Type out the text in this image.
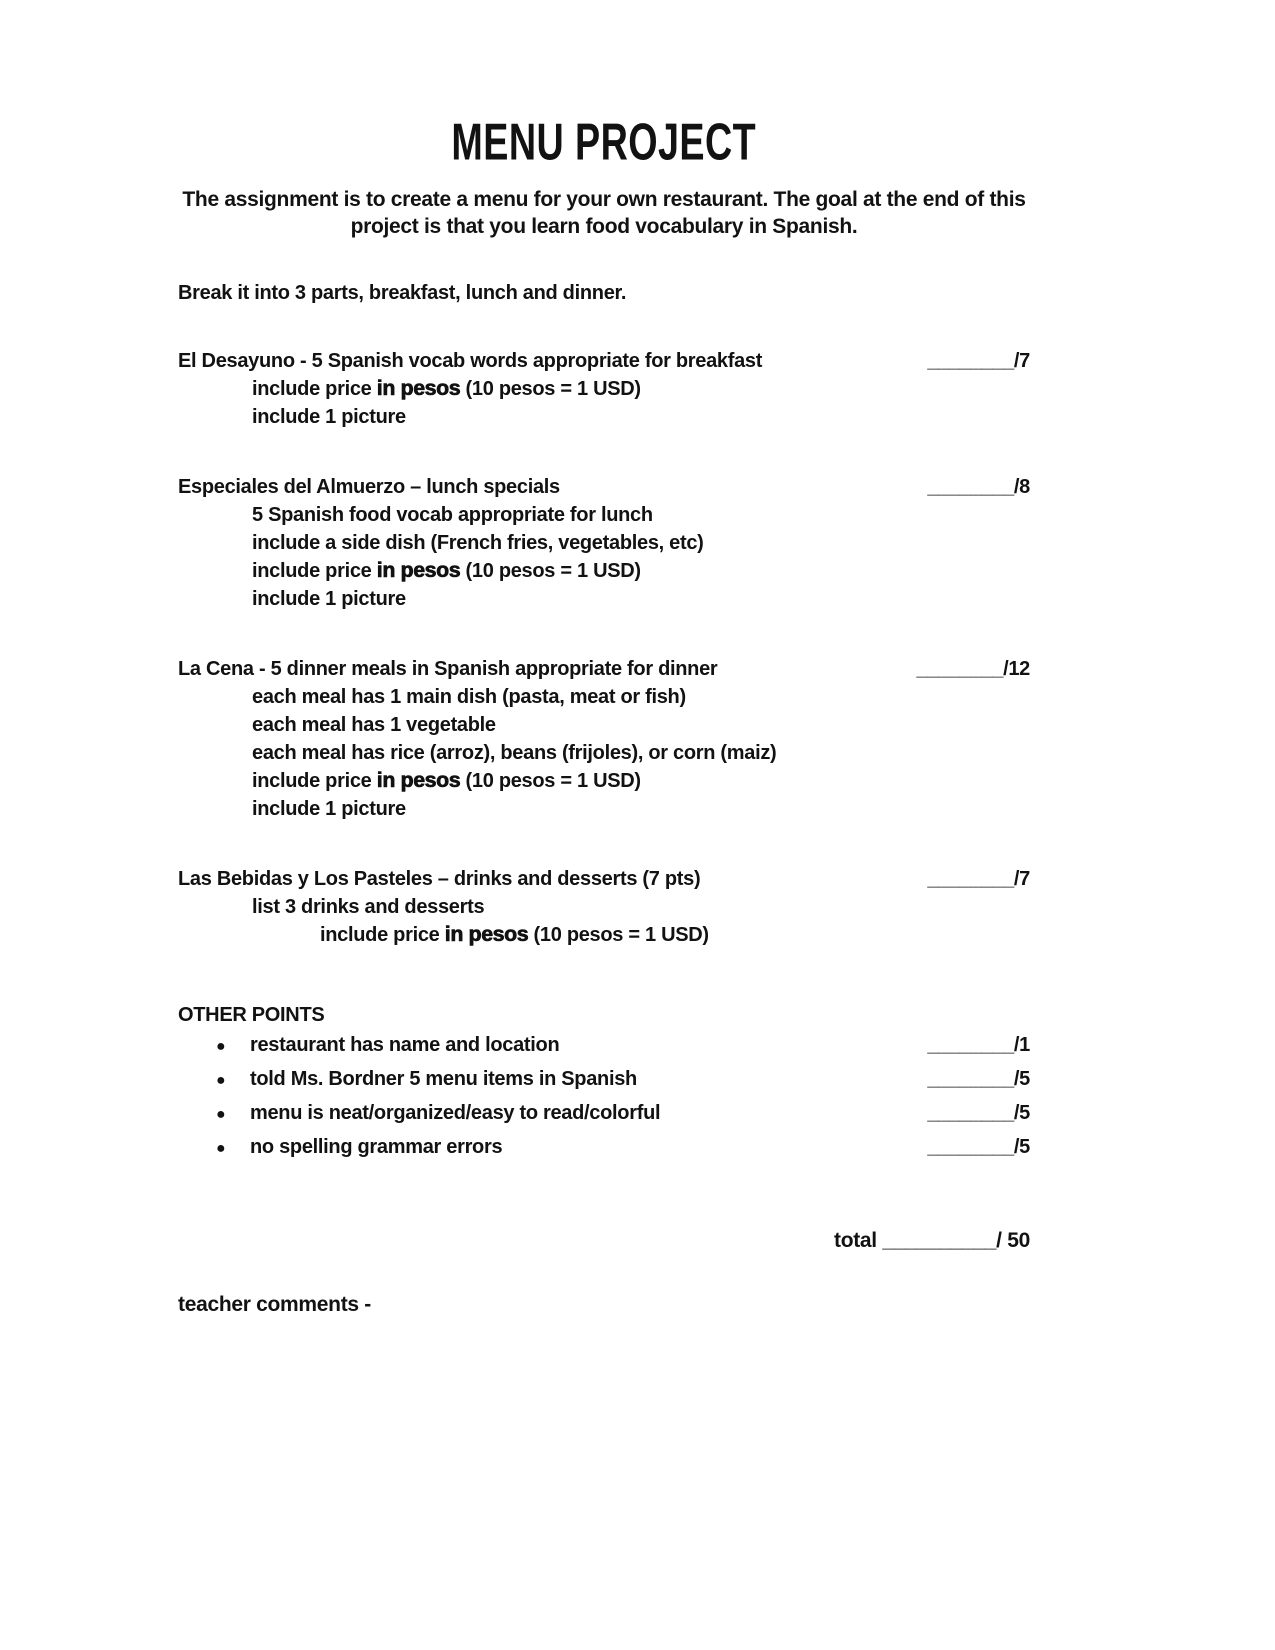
MENU PROJECT
The assignment is to create a menu for your own restaurant. The goal at the end of this
project is that you learn food vocabulary in Spanish.
Break it into 3 parts, breakfast, lunch and dinner.
El Desayuno - 5 Spanish vocab words appropriate for breakfast	________/7
include price in pesos (10 pesos = 1 USD)
include 1 picture
Especiales del Almuerzo – lunch specials	________/8
5 Spanish food vocab appropriate for lunch
include a side dish (French fries, vegetables, etc)
include price in pesos (10 pesos = 1 USD)
include 1 picture
La Cena - 5 dinner meals in Spanish appropriate for dinner	________/12
each meal has 1 main dish (pasta, meat or fish)
each meal has 1 vegetable
each meal has rice (arroz), beans (frijoles), or corn (maiz)
include price in pesos (10 pesos = 1 USD)
include 1 picture
Las Bebidas y Los Pasteles – drinks and desserts (7 pts)	________/7
list 3 drinks and desserts
include price in pesos (10 pesos = 1 USD)
OTHER POINTS
●	restaurant has name and location	________/1
●	told Ms. Bordner 5 menu items in Spanish	________/5
●	menu is neat/organized/easy to read/colorful	________/5
●	no spelling grammar errors	________/5
total __________/ 50
teacher comments -
